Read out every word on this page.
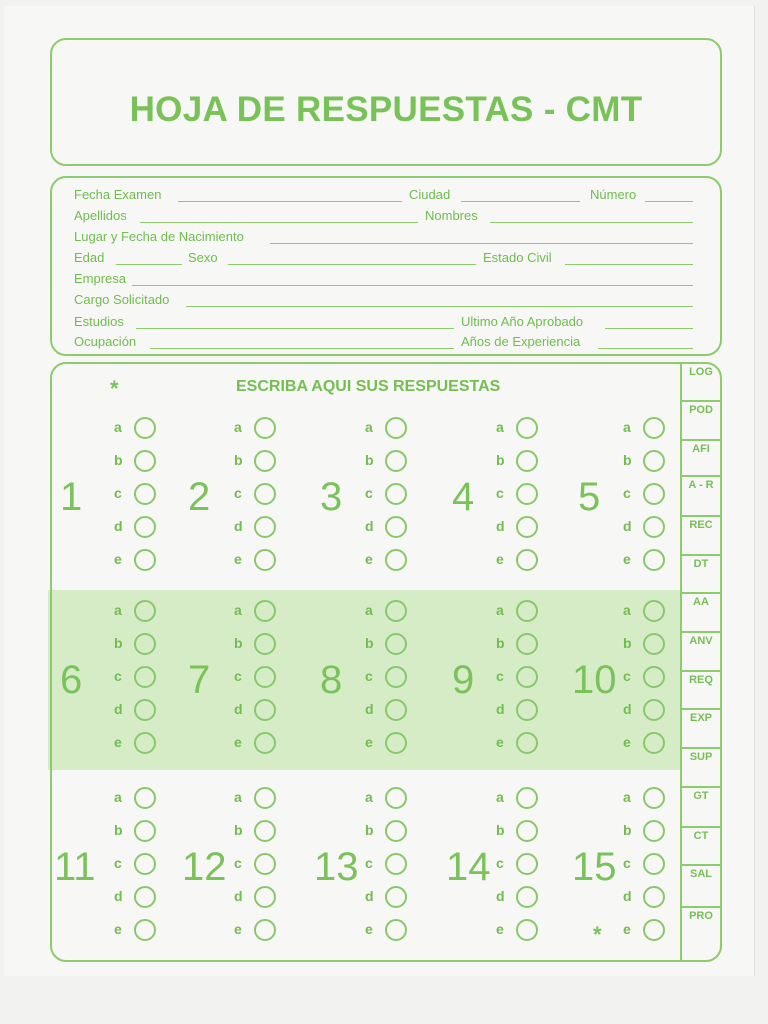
HOJA DE RESPUESTAS - CMT
Fecha Examen	Ciudad	Número
Apellidos	Nombres
Lugar y Fecha de Nacimiento
Edad	Sexo	Estado Civil
Empresa
Cargo Solicitado
Estudios	Ultimo Año Aprobado
Ocupación	Años de Experiencia
*	ESCRIBA AQUI SUS RESPUESTAS
*
1
a
b
c
d
e
2
a
b
c
d
e
3
a
b
c
d
e
4
a
b
c
d
e
5
a
b
c
d
e
6
a
b
c
d
e
7
a
b
c
d
e
8
a
b
c
d
e
9
a
b
c
d
e
10
a
b
c
d
e
11
a
b
c
d
e
12
a
b
c
d
e
13
a
b
c
d
e
14
a
b
c
d
e
15
a
b
c
d
e
LOG
POD
AFI
A - R
REC
DT
AA
ANV
REQ
EXP
SUP
GT
CT
SAL
PRO
